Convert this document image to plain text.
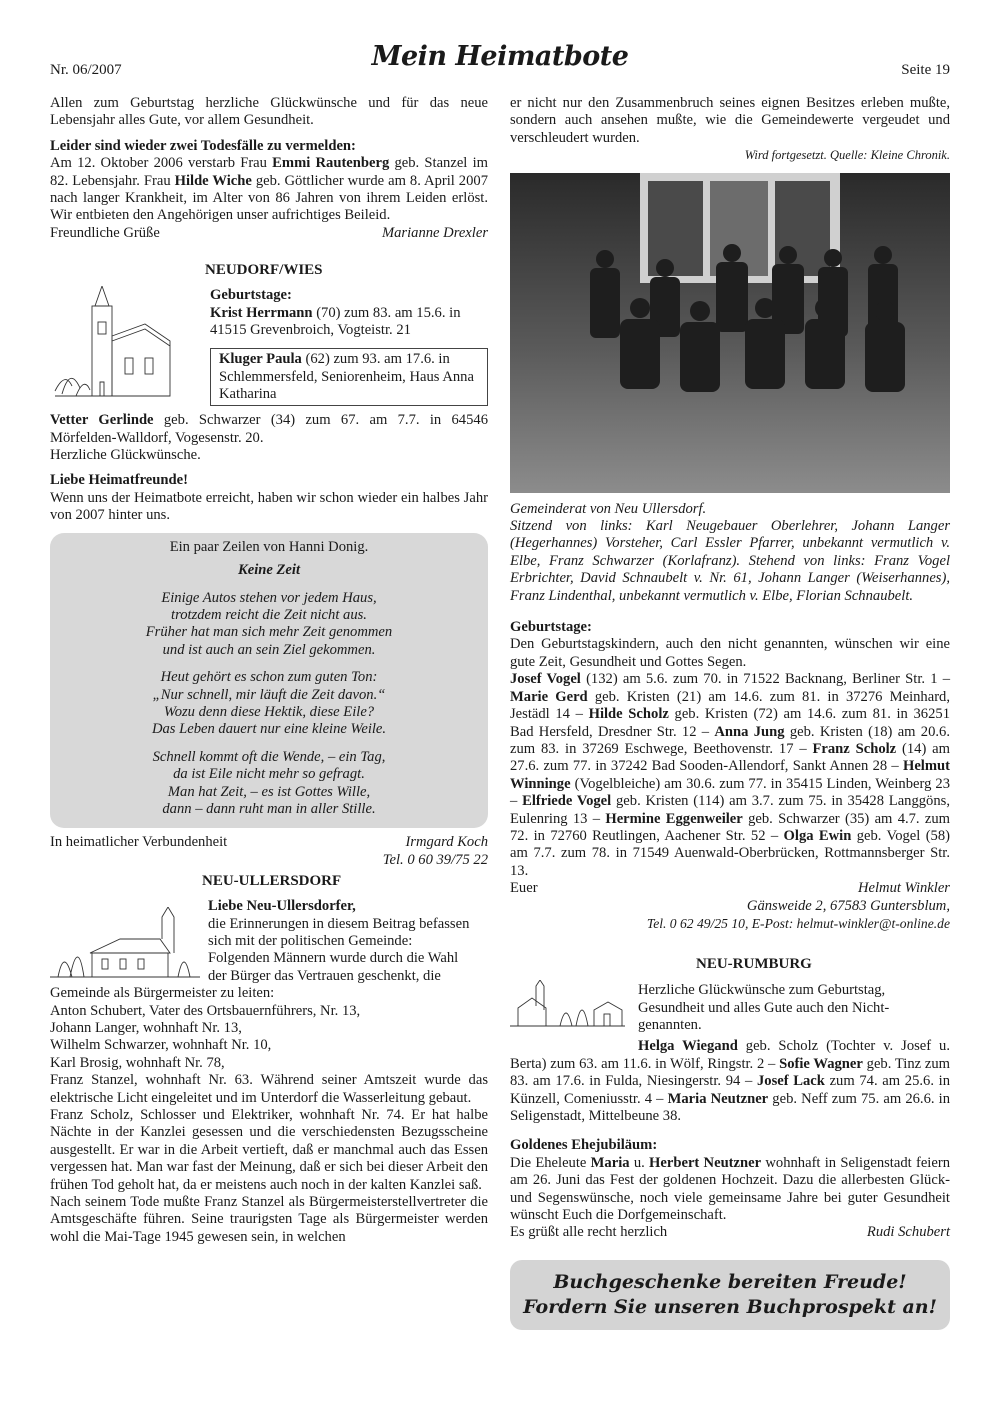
Nr. 06/2007	Mein Heimatbote	Seite 19

Allen zum Geburtstag herzliche Glückwünsche und für das neue Lebensjahr alles Gute, vor allem Gesundheit.

Leider sind wieder zwei Todesfälle zu vermelden:

Am 12. Oktober 2006 verstarb Frau Emmi Rautenberg geb. Stanzel im 82. Lebensjahr. Frau Hilde Wiche geb. Göttlicher wurde am 8. April 2007 nach langer Krankheit, im Alter von 86 Jahren von ihrem Leiden erlöst. Wir entbieten den Angehörigen unser aufrichtiges Beileid.

Freundliche Grüße	Marianne Drexler

NEUDORF/WIES

Geburtstage:

Krist Herrmann (70) zum 83. am 15.6. in 41515 Grevenbroich, Vogteistr. 21

Kluger Paula (62) zum 93. am 17.6. in Schlemmersfeld, Seniorenheim, Haus Anna Katharina

Vetter Gerlinde geb. Schwarzer (34) zum 67. am 7.7. in 64546 Mörfelden-Walldorf, Vogesenstr. 20.

Herzliche Glückwünsche.

Liebe Heimatfreunde!

Wenn uns der Heimatbote erreicht, haben wir schon wieder ein halbes Jahr von 2007 hinter uns.

Ein paar Zeilen von Hanni Donig.

Keine Zeit

Einige Autos stehen vor jedem Haus,

trotzdem reicht die Zeit nicht aus.

Früher hat man sich mehr Zeit genommen

und ist auch an sein Ziel gekommen.

Heut gehört es schon zum guten Ton:

„Nur schnell, mir läuft die Zeit davon.“

Wozu denn diese Hektik, diese Eile?

Das Leben dauert nur eine kleine Weile.

Schnell kommt oft die Wende, – ein Tag,

da ist Eile nicht mehr so gefragt.

Man hat Zeit, – es ist Gottes Wille,

dann – dann ruht man in aller Stille.

In heimatlicher Verbundenheit	Irmgard Koch

Tel. 0 60 39/75 22

NEU-ULLERSDORF

Liebe Neu-Ullersdorfer,

die Erinnerungen in diesem Beitrag befassen

sich mit der politischen Gemeinde:

Folgenden Männern wurde durch die Wahl

der Bürger das Vertrauen geschenkt, die

Gemeinde als Bürgermeister zu leiten:

Anton Schubert, Vater des Ortsbauernführers, Nr. 13,

Johann Langer, wohnhaft Nr. 13,

Wilhelm Schwarzer, wohnhaft Nr. 10,

Karl Brosig, wohnhaft Nr. 78,

Franz Stanzel, wohnhaft Nr. 63. Während seiner Amtszeit wurde das elektrische Licht eingeleitet und im Unterdorf die Wasserleitung gebaut.

Franz Scholz, Schlosser und Elektriker, wohnhaft Nr. 74. Er hat halbe Nächte in der Kanzlei gesessen und die verschiedensten Bezugsscheine ausgestellt. Er war in die Arbeit vertieft, daß er manchmal auch das Essen vergessen hat. Man war fast der Meinung, daß er sich bei dieser Arbeit den frühen Tod geholt hat, da er meistens auch noch in der kalten Kanzlei saß.

Nach seinem Tode mußte Franz Stanzel als Bürgermeisterstellvertreter die Amtsgeschäfte führen. Seine traurigsten Tage als Bürgermeister werden wohl die Mai-Tage 1945 gewesen sein, in welchen

er nicht nur den Zusammenbruch seines eignen Besitzes erleben mußte, sondern auch ansehen mußte, wie die Gemeindewerte vergeudet und verschleudert wurden.

Wird fortgesetzt. Quelle: Kleine Chronik.

Gemeinderat von Neu Ullersdorf.

Sitzend von links: Karl Neugebauer Oberlehrer, Johann Langer (Hegerhannes) Vorsteher, Carl Essler Pfarrer, unbekannt vermutlich v. Elbe, Franz Schwarzer (Korlafranz). Stehend von links: Franz Vogel Erbrichter, David Schnaubelt v. Nr. 61, Johann Langer (Weiserhannes), Franz Lindenthal, unbekannt vermutlich v. Elbe, Florian Schnaubelt.

Geburtstage:

Den Geburtstagskindern, auch den nicht genannten, wünschen wir eine gute Zeit, Gesundheit und Gottes Segen.

Josef Vogel (132) am 5.6. zum 70. in 71522 Backnang, Berliner Str. 1 – Marie Gerd geb. Kristen (21) am 14.6. zum 81. in 37276 Meinhard, Jestädl 14 – Hilde Scholz geb. Kristen (72) am 14.6. zum 81. in 36251 Bad Hersfeld, Dresdner Str. 12 – Anna Jung geb. Kristen (18) am 20.6. zum 83. in 37269 Eschwege, Beethovenstr. 17 – Franz Scholz (14) am 27.6. zum 77. in 37242 Bad Sooden-Allendorf, Sankt Annen 28 – Helmut Winninge (Vogelbleiche) am 30.6. zum 77. in 35415 Linden, Weinberg 23 – Elfriede Vogel geb. Kristen (114) am 3.7. zum 75. in 35428 Langgöns, Eulenring 13 – Hermine Eggenweiler geb. Schwarzer (35) am 4.7. zum 72. in 72760 Reutlingen, Aachener Str. 52 – Olga Ewin geb. Vogel (58) am 7.7. zum 78. in 71549 Auenwald-Oberbrücken, Rottmannsberger Str. 13.

Euer	Helmut Winkler

Gänsweide 2, 67583 Guntersblum,

Tel. 0 62 49/25 10, E-Post: helmut-winkler@t-online.de

NEU-RUMBURG

Herzliche Glückwünsche zum Geburtstag,

Gesundheit und alles Gute auch den Nicht-

genannten.

Helga Wiegand geb. Scholz (Tochter v. Josef u. Berta) zum 63. am 11.6. in Wölf, Ringstr. 2 – Sofie Wagner geb. Tinz zum 83. am 17.6. in Fulda, Niesingerstr. 94 – Josef Lack zum 74. am 25.6. in Künzell, Comeniusstr. 4 – Maria Neutzner geb. Neff zum 75. am 26.6. in Seligenstadt, Mittelbeune 38.

Goldenes Ehejubiläum:

Die Eheleute Maria u. Herbert Neutzner wohnhaft in Seligenstadt feiern am 26. Juni das Fest der goldenen Hochzeit. Dazu die allerbesten Glück- und Segenswünsche, noch viele gemeinsame Jahre bei guter Gesundheit wünscht Euch die Dorfgemeinschaft.

Es grüßt alle recht herzlich	Rudi Schubert

Buchgeschenke bereiten Freude!

Fordern Sie unseren Buchprospekt an!
